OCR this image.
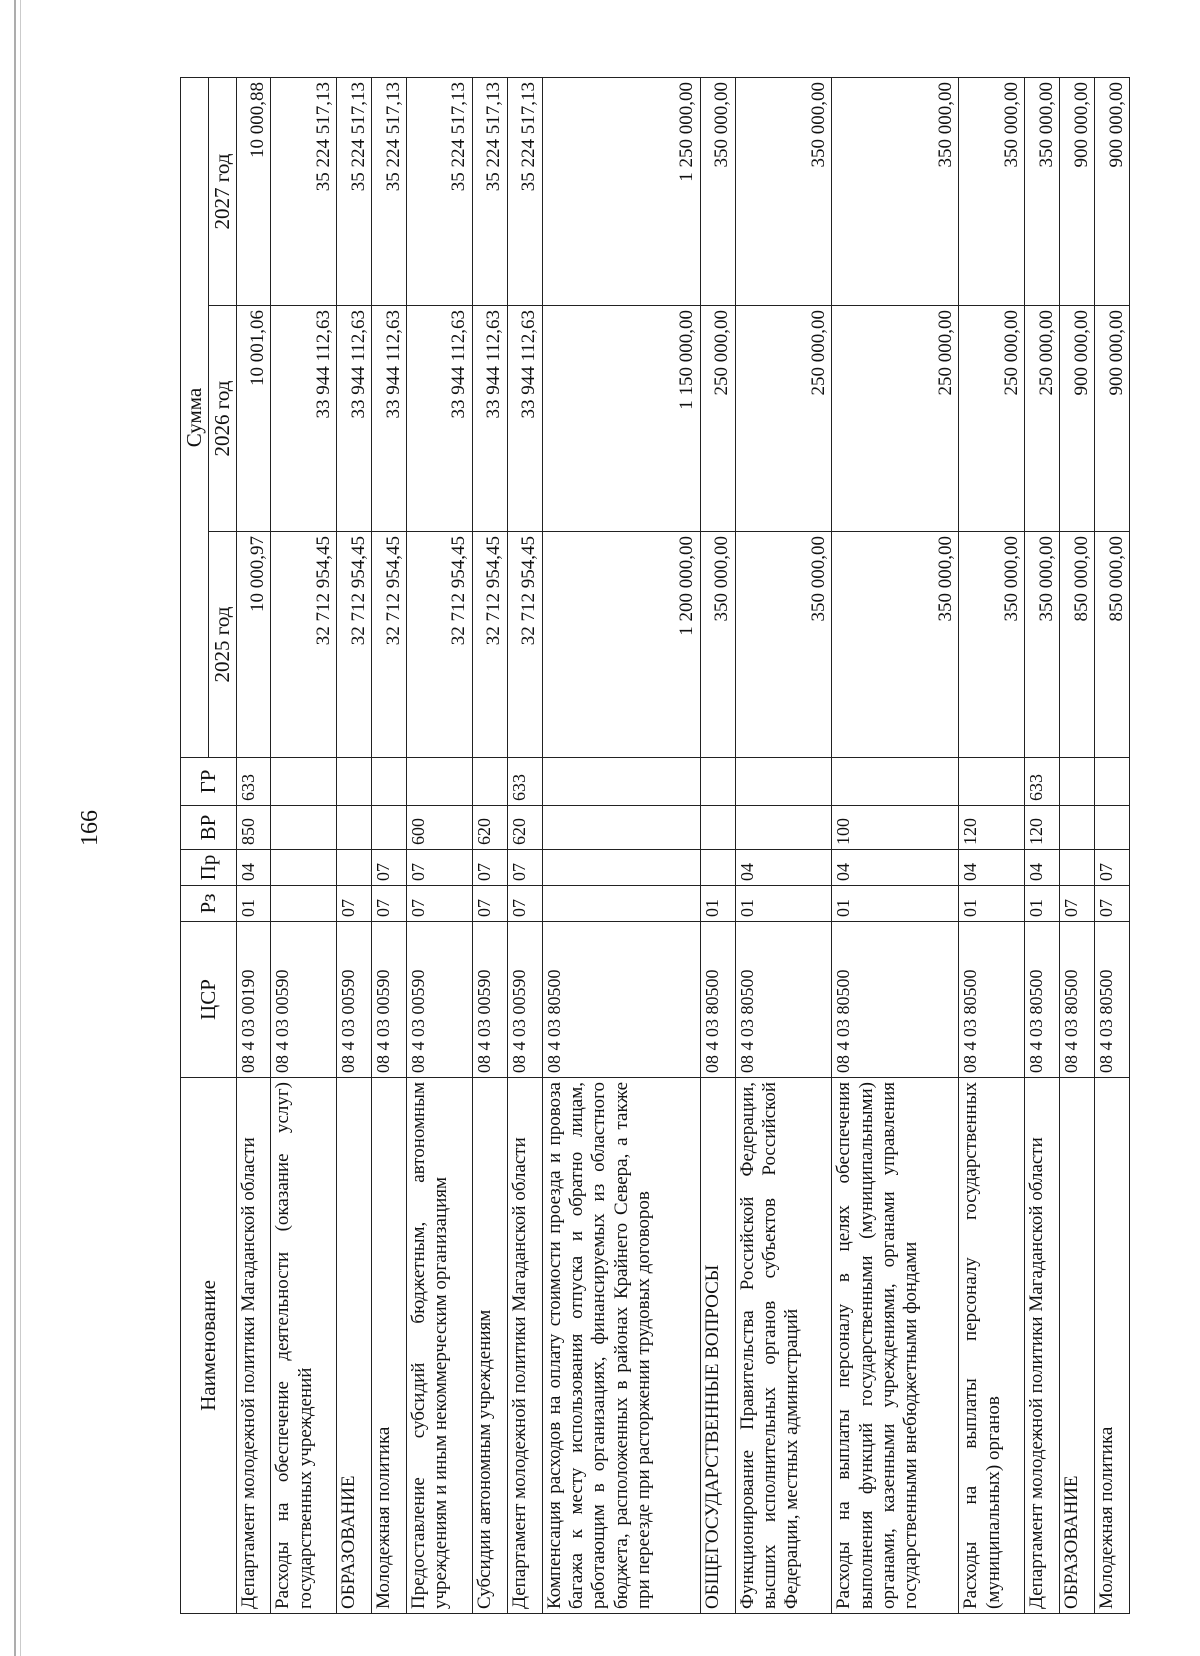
166
Наименование	ЦСР	Рз	Пр	ВР	ГР	Сумма		
						2025 год	2026 год	2027 год
Департамент молодежной политики Магаданской области	08 4 03 00190	01	04	850	633	10 000,97	10 001,06	10 000,88
Расходы на обеспечение деятельности (оказание услуг) государственных учреждений	08 4 03 00590					32 712 954,45	33 944 112,63	35 224 517,13
ОБРАЗОВАНИЕ	08 4 03 00590	07				32 712 954,45	33 944 112,63	35 224 517,13
Молодежная политика	08 4 03 00590	07	07			32 712 954,45	33 944 112,63	35 224 517,13
Предоставление субсидий бюджетным, автономным учреждениям и иным некоммерческим организациям	08 4 03 00590	07	07	600		32 712 954,45	33 944 112,63	35 224 517,13
Субсидии автономным учреждениям	08 4 03 00590	07	07	620		32 712 954,45	33 944 112,63	35 224 517,13
Департамент молодежной политики Магаданской области	08 4 03 00590	07	07	620	633	32 712 954,45	33 944 112,63	35 224 517,13
Компенсация расходов на оплату стоимости проезда и провоза багажа к месту использования отпуска и обратно лицам, работающим в организациях, финансируемых из областного бюджета, расположенных в районах Крайнего Севера, а также при переезде при расторжении трудовых договоров	08 4 03 80500					1 200 000,00	1 150 000,00	1 250 000,00
ОБЩЕГОСУДАРСТВЕННЫЕ ВОПРОСЫ	08 4 03 80500	01				350 000,00	250 000,00	350 000,00
Функционирование Правительства Российской Федерации, высших исполнительных органов субъектов Российской Федерации, местных администраций	08 4 03 80500	01	04			350 000,00	250 000,00	350 000,00
Расходы на выплаты персоналу в целях обеспечения выполнения функций государственными (муниципальными) органами, казенными учреждениями, органами управления государственными внебюджетными фондами	08 4 03 80500	01	04	100		350 000,00	250 000,00	350 000,00
Расходы на выплаты персоналу государственных (муниципальных) органов	08 4 03 80500	01	04	120		350 000,00	250 000,00	350 000,00
Департамент молодежной политики Магаданской области	08 4 03 80500	01	04	120	633	350 000,00	250 000,00	350 000,00
ОБРАЗОВАНИЕ	08 4 03 80500	07				850 000,00	900 000,00	900 000,00
Молодежная политика	08 4 03 80500	07	07			850 000,00	900 000,00	900 000,00
